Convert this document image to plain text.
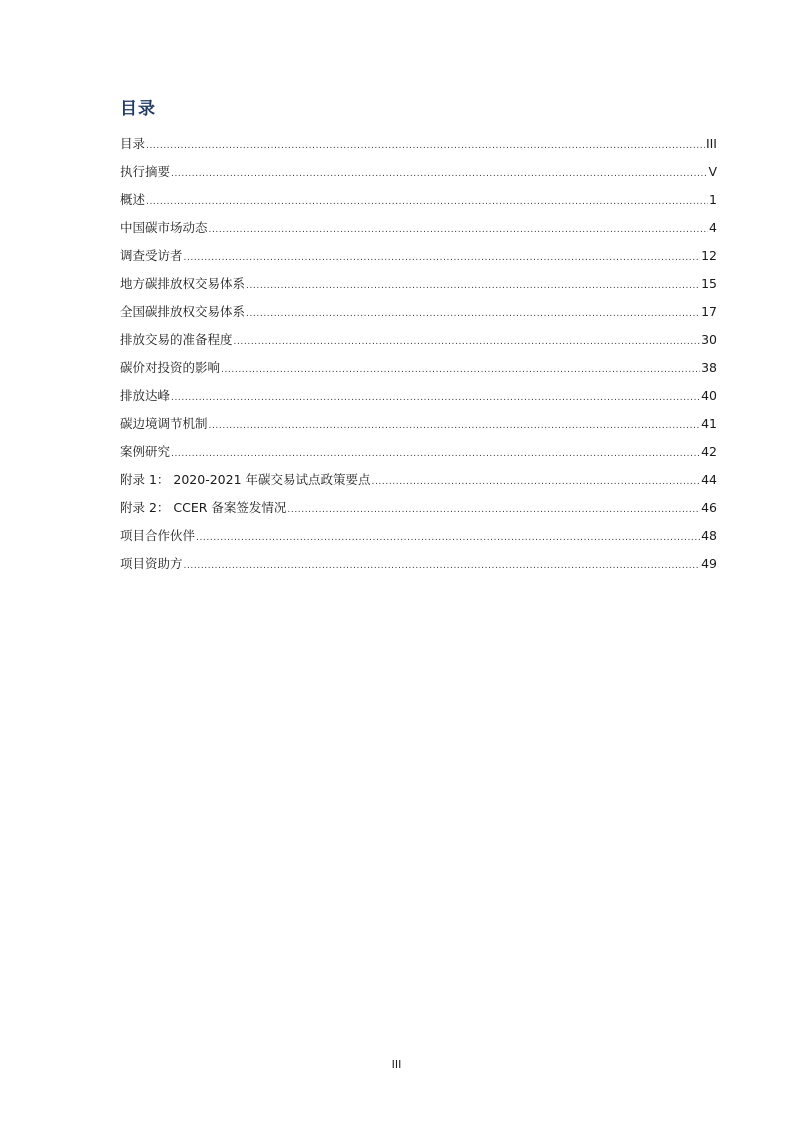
目录
目录 .....	III
执行摘要 .....	V
概述 .....	1
中国碳市场动态 .....	4
调查受访者 .....	12
地方碳排放权交易体系 .....	15
全国碳排放权交易体系 .....	17
排放交易的准备程度 .....	30
碳价对投资的影响 .....	38
排放达峰 .....	40
碳边境调节机制 .....	41
案例研究 .....	42
附录 1： 2020-2021 年碳交易试点政策要点 .....	44
附录 2： CCER 备案签发情况 .....	46
项目合作伙伴 .....	48
项目资助方 .....	49
III
